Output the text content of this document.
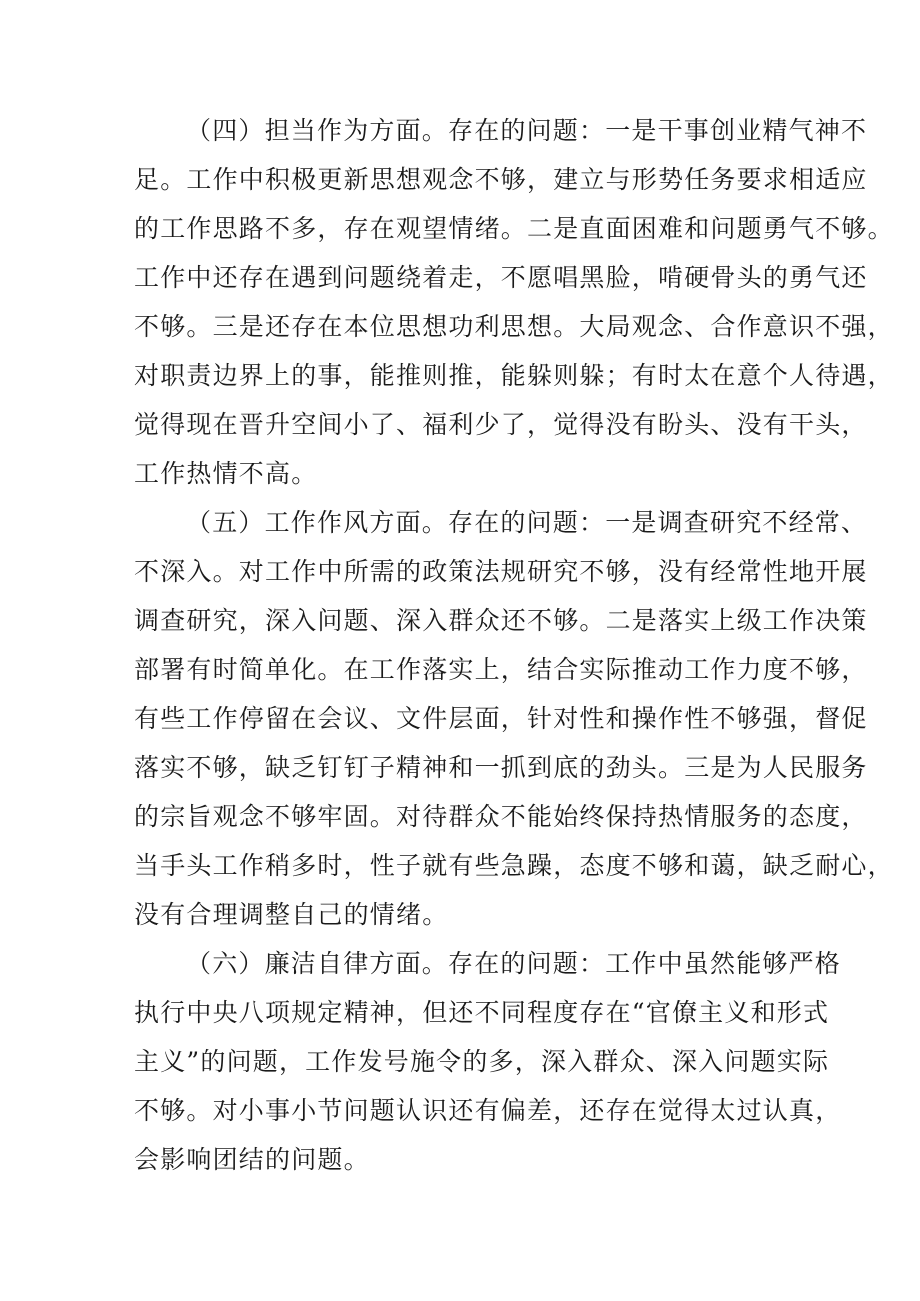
（四）担当作为方面。存在的问题：一是干事创业精气神不
足。工作中积极更新思想观念不够，建立与形势任务要求相适应
的工作思路不多，存在观望情绪。二是直面困难和问题勇气不够。
工作中还存在遇到问题绕着走，不愿唱黑脸，啃硬骨头的勇气还
不够。三是还存在本位思想功利思想。大局观念、合作意识不强，
对职责边界上的事，能推则推，能躲则躲；有时太在意个人待遇，
觉得现在晋升空间小了、福利少了，觉得没有盼头、没有干头，
工作热情不高。
（五）工作作风方面。存在的问题：一是调查研究不经常、
不深入。对工作中所需的政策法规研究不够，没有经常性地开展
调查研究，深入问题、深入群众还不够。二是落实上级工作决策
部署有时简单化。在工作落实上，结合实际推动工作力度不够，
有些工作停留在会议、文件层面，针对性和操作性不够强，督促
落实不够，缺乏钉钉子精神和一抓到底的劲头。三是为人民服务
的宗旨观念不够牢固。对待群众不能始终保持热情服务的态度，
当手头工作稍多时，性子就有些急躁，态度不够和蔼，缺乏耐心，
没有合理调整自己的情绪。
（六）廉洁自律方面。存在的问题：工作中虽然能够严格
执行中央八项规定精神，但还不同程度存在“官僚主义和形式
主义”的问题，工作发号施令的多，深入群众、深入问题实际
不够。对小事小节问题认识还有偏差，还存在觉得太过认真，
会影响团结的问题。
